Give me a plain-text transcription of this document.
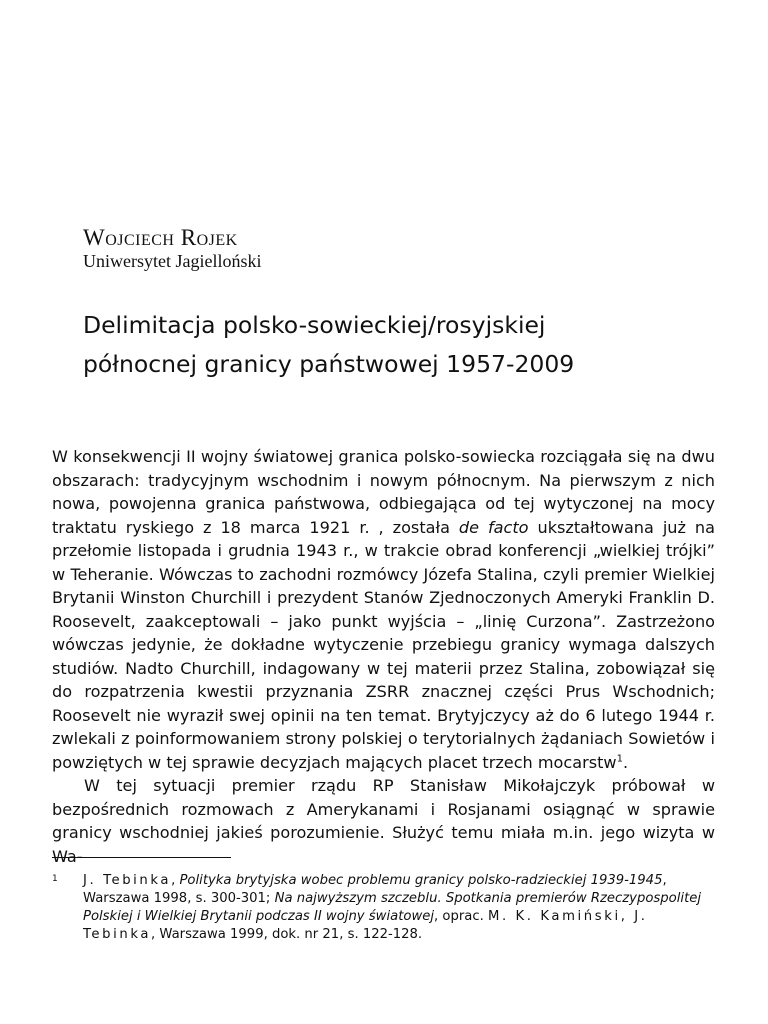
Wojciech Rojek
Uniwersytet Jagielloński
Delimitacja polsko-sowieckiej/rosyjskiej
północnej granicy państwowej 1957-2009

W konsekwencji II wojny światowej granica polsko-sowiecka rozciągała się na dwu obszarach: tradycyjnym wschodnim i nowym północnym. Na pierwszym z nich nowa, powojenna granica państwowa, odbiegająca od tej wytyczonej na mocy traktatu ryskiego z 18 marca 1921 r. , została de facto ukształtowana już na przełomie listopada i grudnia 1943 r., w trakcie obrad konferencji „wielkiej trójki” w Teheranie. Wówczas to zachodni rozmówcy Józefa Stalina, czyli premier Wielkiej Brytanii Winston Churchill i prezydent Stanów Zjednoczonych Ameryki Franklin D. Roosevelt, zaakceptowali – jako punkt wyjścia – „linię Curzona”. Zastrzeżono wówczas jedynie, że dokładne wytyczenie przebiegu granicy wymaga dalszych studiów. Nadto Churchill, indagowany w tej materii przez Stalina, zobowiązał się do rozpatrzenia kwestii przyznania ZSRR znacznej części Prus Wschodnich; Roosevelt nie wyraził swej opinii na ten temat. Brytyjczycy aż do 6 lutego 1944 r. zwlekali z poinformowaniem strony polskiej o terytorialnych żądaniach Sowietów i powziętych w tej sprawie decyzjach mających placet trzech mocarstw$^1$.

W tej sytuacji premier rządu RP Stanisław Mikołajczyk próbował w bezpośrednich rozmowach z Amerykanami i Rosjanami osiągnąć w sprawie granicy wschodniej jakieś porozumienie. Służyć temu miała m.in. jego wizyta w Wa-

1	J. Tebinka, Polityka brytyjska wobec problemu granicy polsko-radzieckiej 1939-1945, Warszawa 1998, s. 300-301; Na najwyższym szczeblu. Spotkania premierów Rzeczypospolitej Polskiej i Wielkiej Brytanii podczas II wojny światowej, oprac. M. K. Kamiński, J. Tebinka, Warszawa 1999, dok. nr 21, s. 122-128.
